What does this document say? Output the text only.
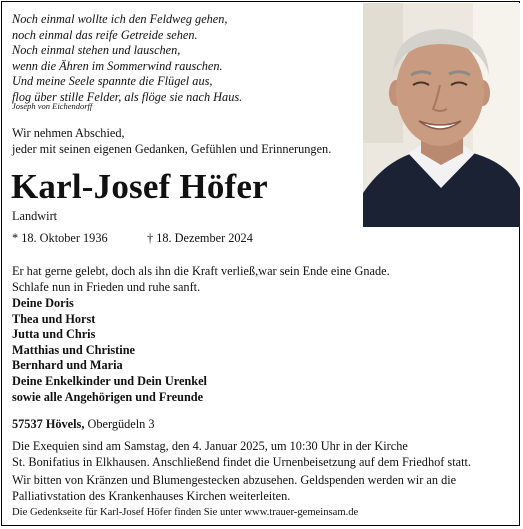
Noch einmal wollte ich den Feldweg gehen,
noch einmal das reife Getreide sehen.
Noch einmal stehen und lauschen,
wenn die Ähren im Sommerwind rauschen.
Und meine Seele spannte die Flügel aus,
flog über stille Felder, als flöge sie nach Haus.
Joseph von Eichendorff
Wir nehmen Abschied,
jeder mit seinen eigenen Gedanken, Gefühlen und Erinnerungen.
Karl-Josef Höfer
Landwirt
* 18. Oktober 1936	† 18. Dezember 2024
Er hat gerne gelebt, doch als ihn die Kraft verließ,war sein Ende eine Gnade.
Schlafe nun in Frieden und ruhe sanft.
Deine Doris
Thea und Horst
Jutta und Chris
Matthias und Christine
Bernhard und Maria
Deine Enkelkinder und Dein Urenkel
sowie alle Angehörigen und Freunde
57537 Hövels, Obergüdeln 3
Die Exequien sind am Samstag, den 4. Januar 2025, um 10:30 Uhr in der Kirche
St. Bonifatius in Elkhausen. Anschließend findet die Urnenbeisetzung auf dem Friedhof statt.
Wir bitten von Kränzen und Blumengestecken abzusehen. Geldspenden werden wir an die
Palliativstation des Krankenhauses Kirchen weiterleiten.
Die Gedenkseite für Karl-Josef Höfer finden Sie unter www.trauer-gemeinsam.de
